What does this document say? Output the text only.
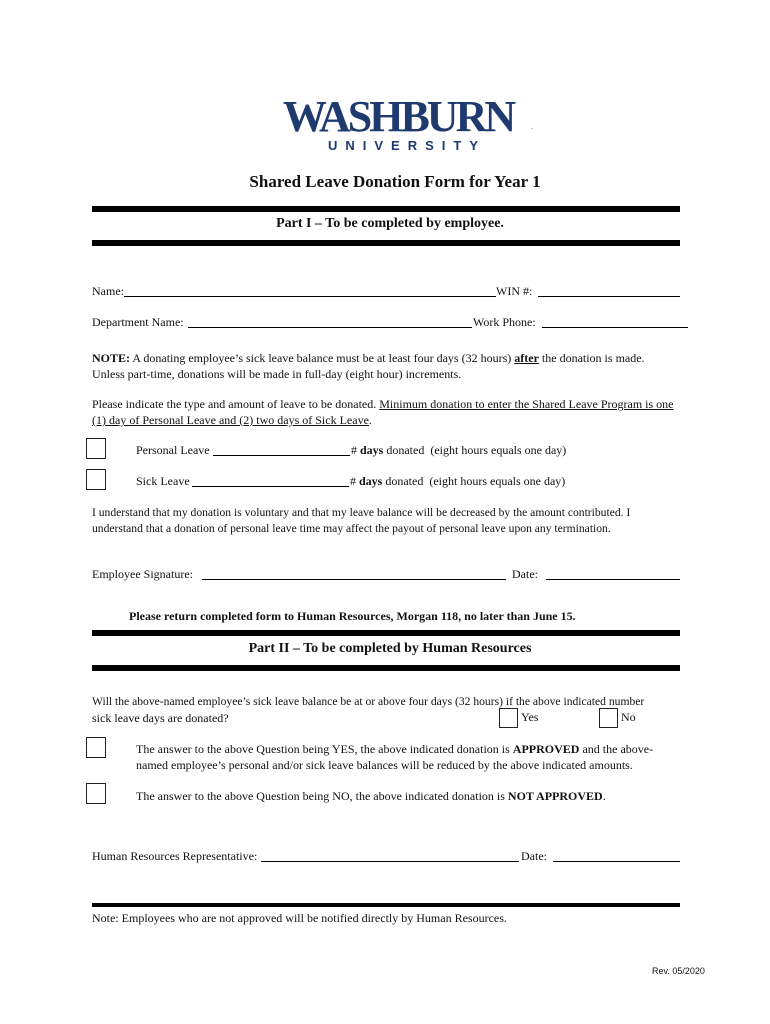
WASHBURN	.
UNIVERSITY
Shared Leave Donation Form for Year 1
Part I – To be completed by employee.
Name:	WIN #:
Department Name:	Work Phone:
NOTE: A donating employee’s sick leave balance must be at least four days (32 hours) after the donation is made.
Unless part-time, donations will be made in full-day (eight hour) increments.
Please indicate the type and amount of leave to be donated. Minimum donation to enter the Shared Leave Program is one
(1) day of Personal Leave and (2) two days of Sick Leave.
Personal Leave	# days donated (eight hours equals one day)
Sick Leave	# days donated (eight hours equals one day)
I understand that my donation is voluntary and that my leave balance will be decreased by the amount contributed. I
understand that a donation of personal leave time may affect the payout of personal leave upon any termination.
Employee Signature:	Date:
Please return completed form to Human Resources, Morgan 118, no later than June 15.
Part II – To be completed by Human Resources
Will the above-named employee’s sick leave balance be at or above four days (32 hours) if the above indicated number
sick leave days are donated?	Yes	No
The answer to the above Question being YES, the above indicated donation is APPROVED and the above-
named employee’s personal and/or sick leave balances will be reduced by the above indicated amounts.
The answer to the above Question being NO, the above indicated donation is NOT APPROVED.
Human Resources Representative:	Date:
Note: Employees who are not approved will be notified directly by Human Resources.
Rev. 05/2020
